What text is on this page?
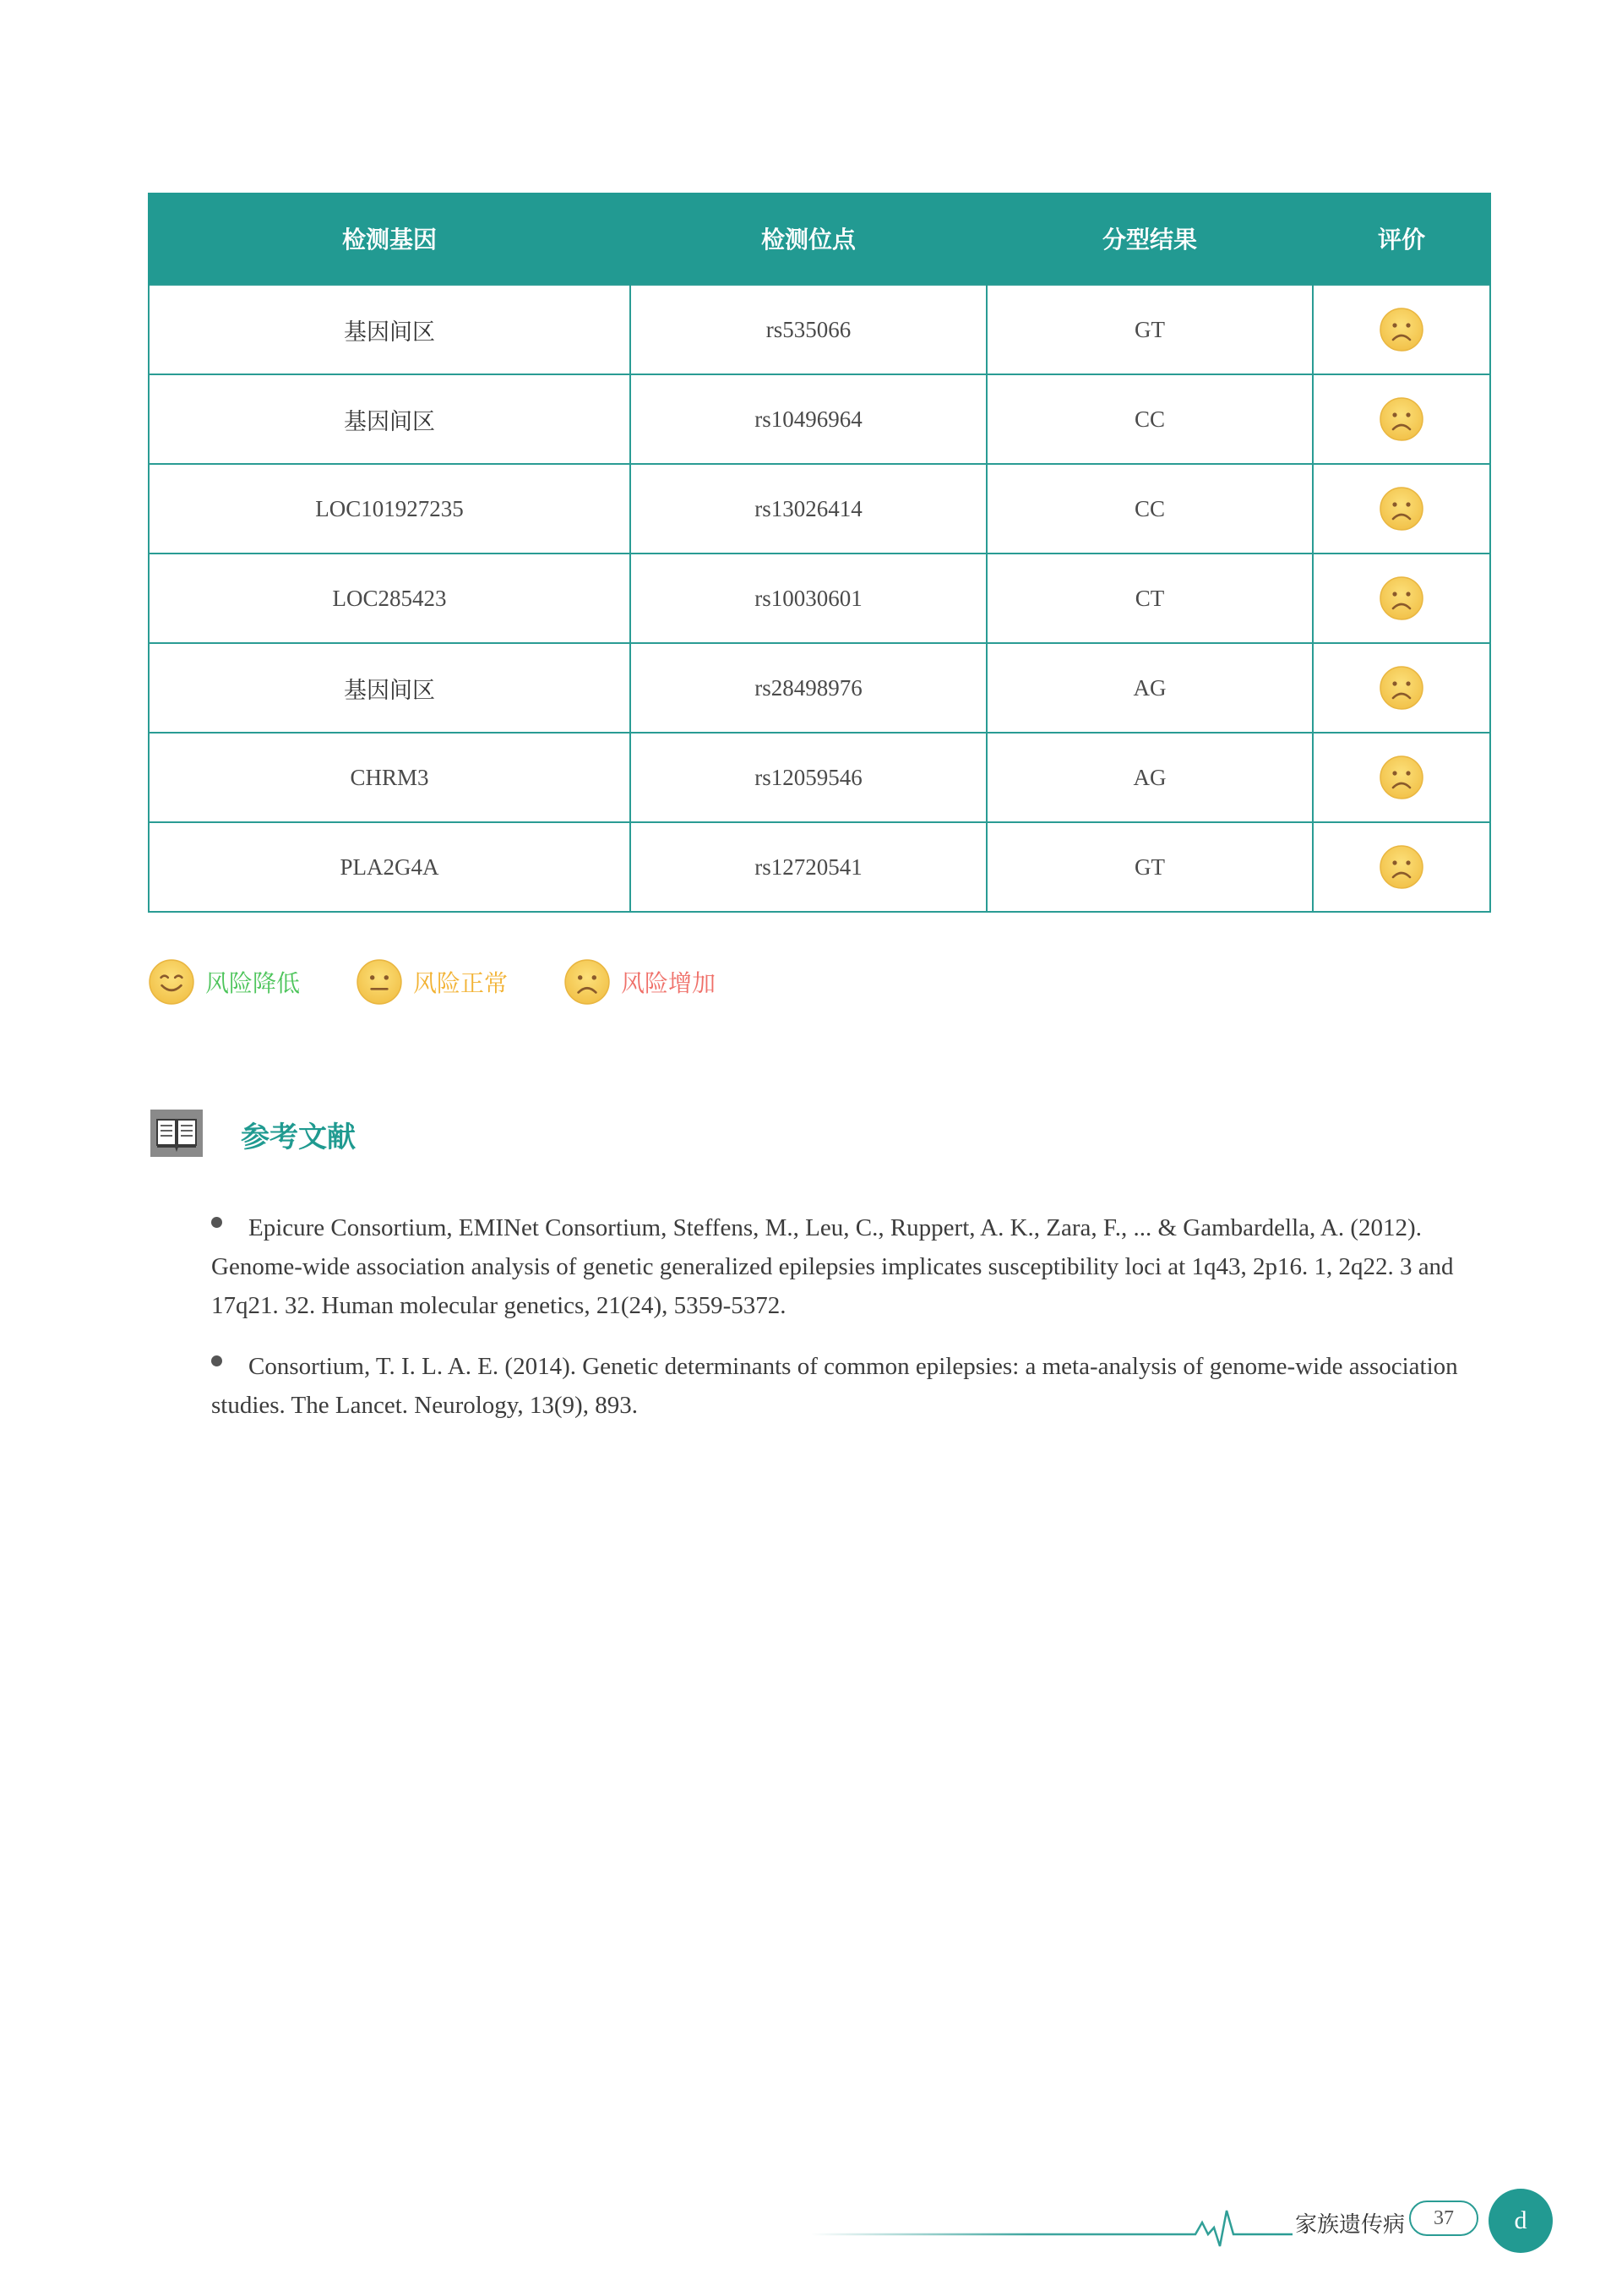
检测基因	检测位点	分型结果	评价
基因间区	rs535066	GT	
基因间区	rs10496964	CC	
LOC101927235	rs13026414	CC	
LOC285423	rs10030601	CT	
基因间区	rs28498976	AG	
CHRM3	rs12059546	AG	
PLA2G4A	rs12720541	GT	
风险降低	风险正常	风险增加
参考文献
Epicure Consortium, EMINet Consortium, Steffens, M., Leu, C., Ruppert, A. K., Zara, F., ... & Gambardella, A. (2012). Genome-wide association analysis of genetic generalized epilepsies implicates susceptibility loci at 1q43, 2p16. 1, 2q22. 3 and 17q21. 32. Human molecular genetics, 21(24), 5359-5372.
Consortium, T. I. L. A. E. (2014). Genetic determinants of common epilepsies: a meta-analysis of genome-wide association studies. The Lancet. Neurology, 13(9), 893.
家族遗传病	37	d
